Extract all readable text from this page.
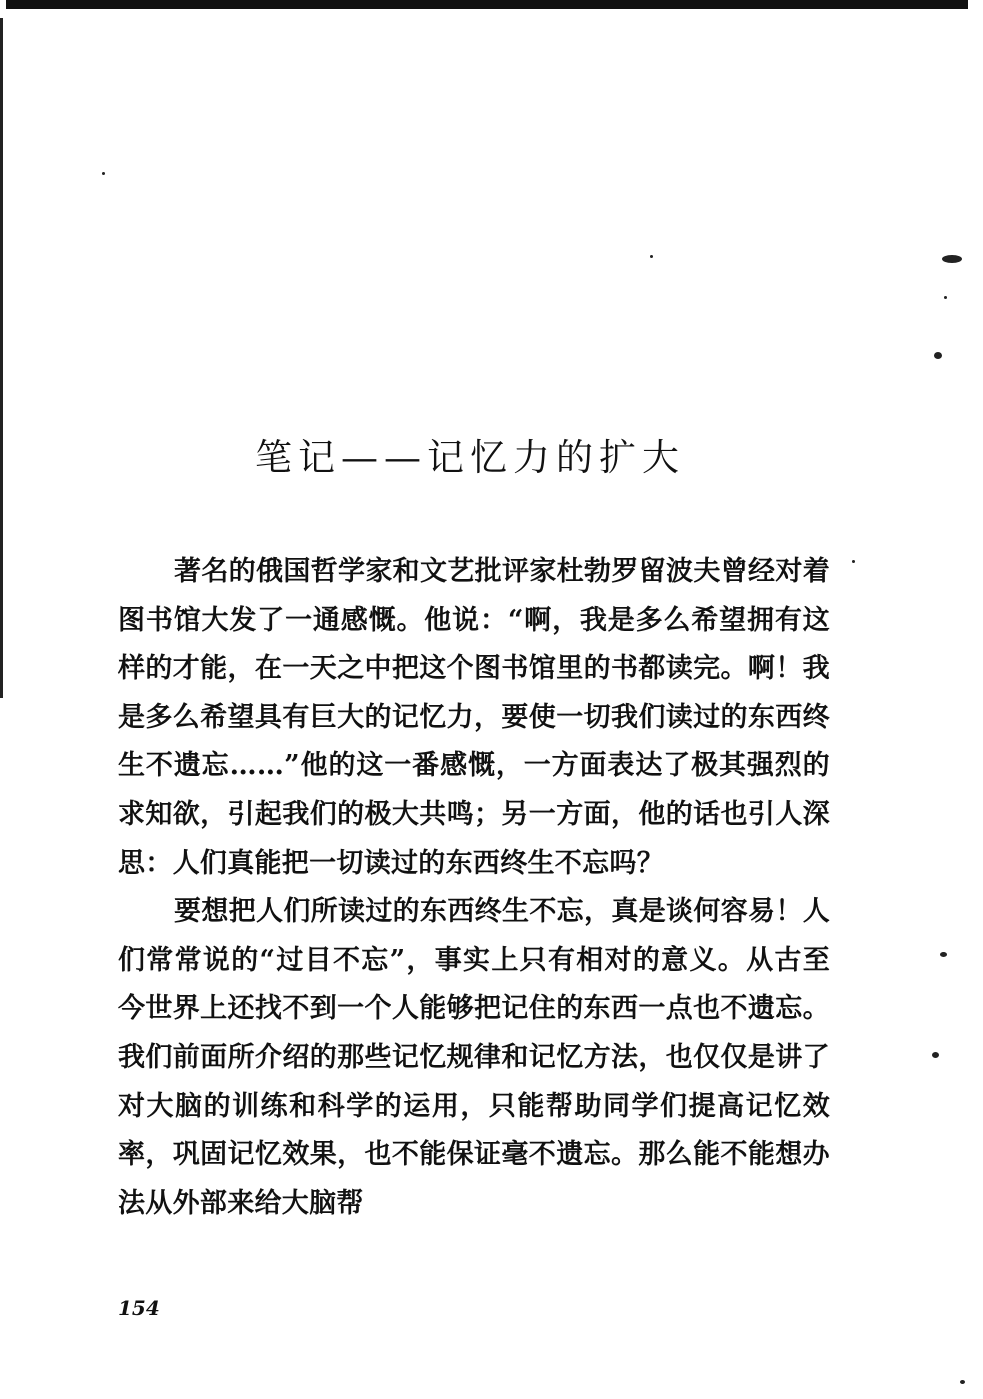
笔记——记忆力的扩大

著名的俄国哲学家和文艺批评家杜勃罗留波夫曾经对着图书馆大发了一通感慨。他说：“啊，我是多么希望拥有这样的才能，在一天之中把这个图书馆里的书都读完。啊！我是多么希望具有巨大的记忆力，要使一切我们读过的东西终生不遗忘……”他的这一番感慨，一方面表达了极其强烈的求知欲，引起我们的极大共鸣；另一方面，他的话也引人深思：人们真能把一切读过的东西终生不忘吗？

要想把人们所读过的东西终生不忘，真是谈何容易！人们常常说的“过目不忘”，事实上只有相对的意义。从古至今世界上还找不到一个人能够把记住的东西一点也不遗忘。我们前面所介绍的那些记忆规律和记忆方法，也仅仅是讲了对大脑的训练和科学的运用，只能帮助同学们提高记忆效率，巩固记忆效果，也不能保证毫不遗忘。那么能不能想办法从外部来给大脑帮

154
